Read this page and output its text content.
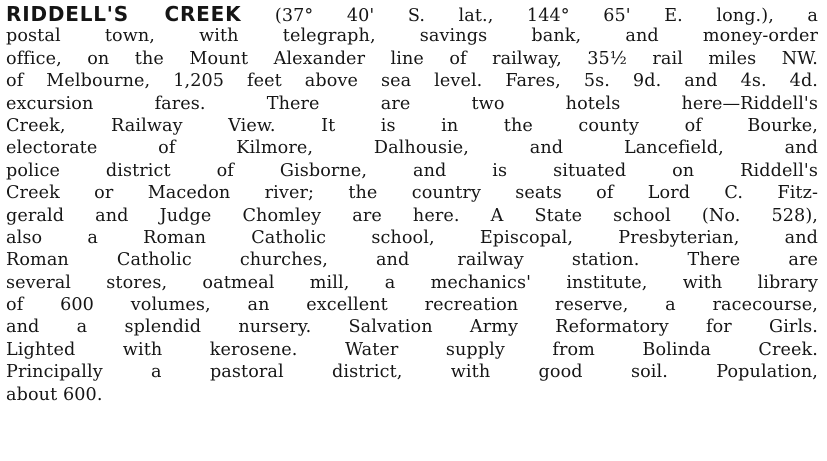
RIDDELL'S CREEK (37° 40' S. lat., 144° 65' E. long.), a
postal town, with telegraph, savings bank, and money-order
office, on the Mount Alexander line of railway, 35½ rail miles NW.
of Melbourne, 1,205 feet above sea level. Fares, 5s. 9d. and 4s. 4d.
excursion fares. There are two hotels here—Riddell's
Creek, Railway View. It is in the county of Bourke,
electorate of Kilmore, Dalhousie, and Lancefield, and
police district of Gisborne, and is situated on Riddell's
Creek or Macedon river; the country seats of Lord C. Fitz-
gerald and Judge Chomley are here. A State school (No. 528),
also a Roman Catholic school, Episcopal, Presbyterian, and
Roman Catholic churches, and railway station. There are
several stores, oatmeal mill, a mechanics' institute, with library
of 600 volumes, an excellent recreation reserve, a racecourse,
and a splendid nursery. Salvation Army Reformatory for Girls.
Lighted with kerosene. Water supply from Bolinda Creek.
Principally a pastoral district, with good soil. Population,
about 600.
